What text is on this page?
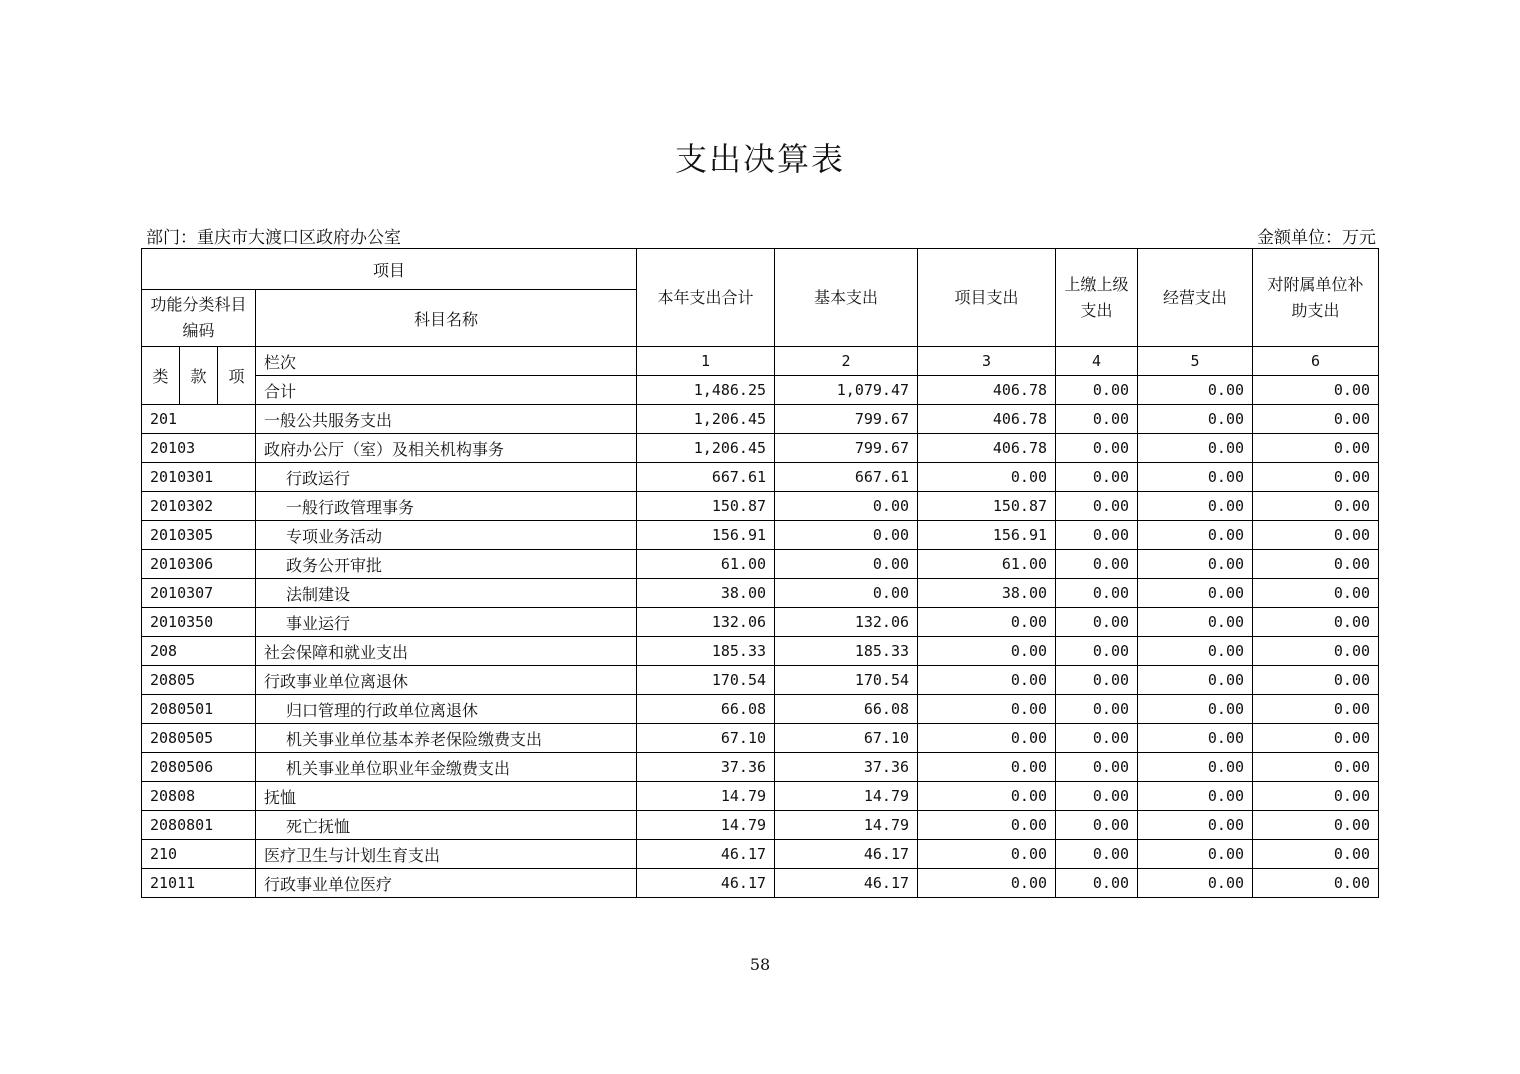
支出决算表
部门：重庆市大渡口区政府办公室	金额单位：万元
项目				本年支出合计	基本支出	项目支出	上缴上级支出	经营支出	对附属单位补助支出
功能分类科目编码			科目名称						
类	款	项	栏次	1	2	3	4	5	6
			合计	1,486.25	1,079.47	406.78	0.00	0.00	0.00
201			一般公共服务支出	1,206.45	799.67	406.78	0.00	0.00	0.00
20103			政府办公厅（室）及相关机构事务	1,206.45	799.67	406.78	0.00	0.00	0.00
2010301			行政运行	667.61	667.61	0.00	0.00	0.00	0.00
2010302			一般行政管理事务	150.87	0.00	150.87	0.00	0.00	0.00
2010305			专项业务活动	156.91	0.00	156.91	0.00	0.00	0.00
2010306			政务公开审批	61.00	0.00	61.00	0.00	0.00	0.00
2010307			法制建设	38.00	0.00	38.00	0.00	0.00	0.00
2010350			事业运行	132.06	132.06	0.00	0.00	0.00	0.00
208			社会保障和就业支出	185.33	185.33	0.00	0.00	0.00	0.00
20805			行政事业单位离退休	170.54	170.54	0.00	0.00	0.00	0.00
2080501			归口管理的行政单位离退休	66.08	66.08	0.00	0.00	0.00	0.00
2080505			机关事业单位基本养老保险缴费支出	67.10	67.10	0.00	0.00	0.00	0.00
2080506			机关事业单位职业年金缴费支出	37.36	37.36	0.00	0.00	0.00	0.00
20808			抚恤	14.79	14.79	0.00	0.00	0.00	0.00
2080801			死亡抚恤	14.79	14.79	0.00	0.00	0.00	0.00
210			医疗卫生与计划生育支出	46.17	46.17	0.00	0.00	0.00	0.00
21011			行政事业单位医疗	46.17	46.17	0.00	0.00	0.00	0.00
58
